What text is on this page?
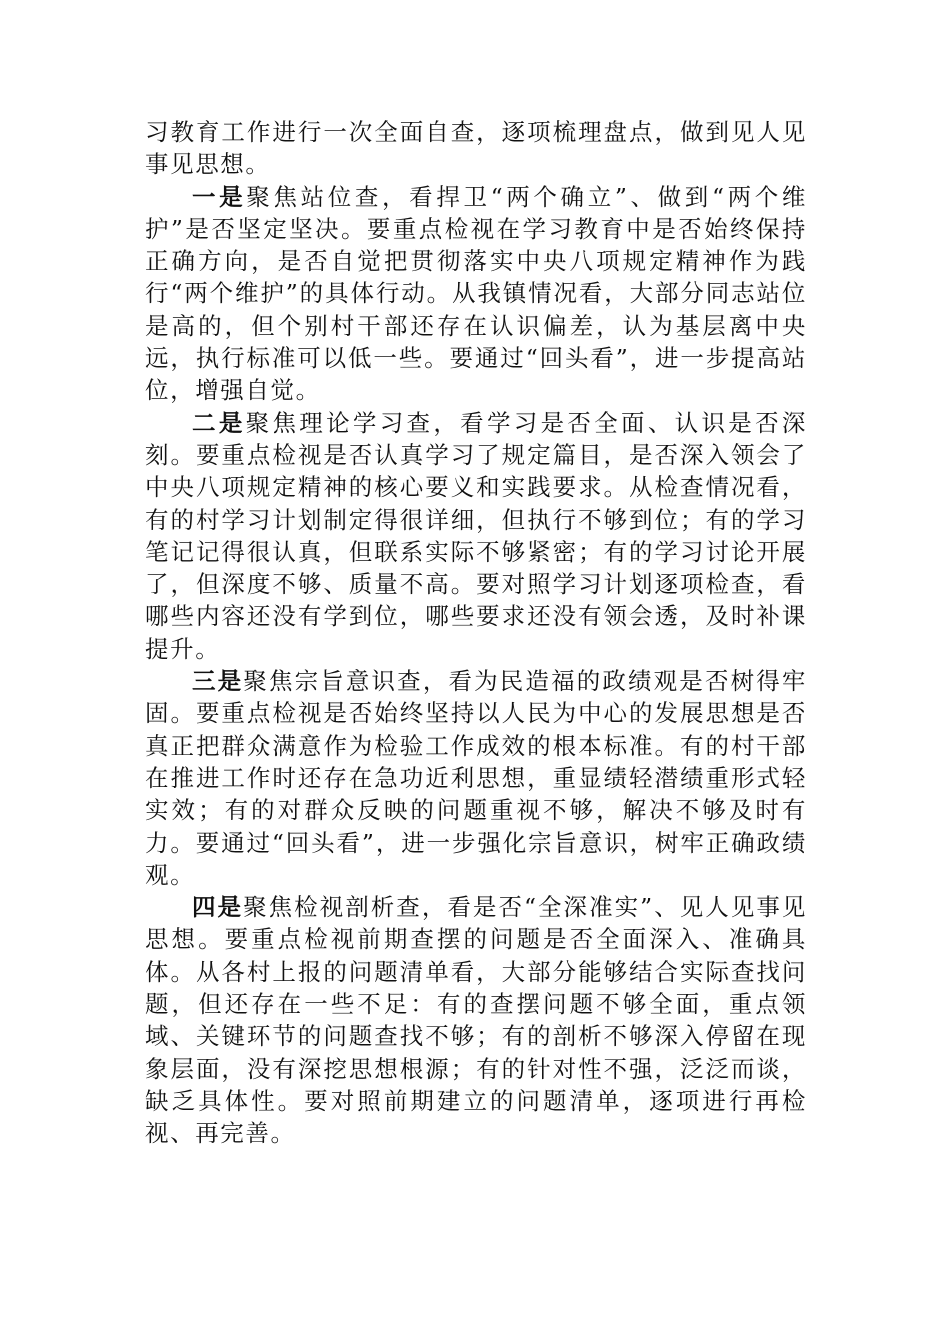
习教育工作进行一次全面自查，逐项梳理盘点，做到见人见事见思想。

一是聚焦站位查，看捍卫“两个确立”、做到“两个维护”是否坚定坚决。要重点检视在学习教育中是否始终保持正确方向，是否自觉把贯彻落实中央八项规定精神作为践行“两个维护”的具体行动。从我镇情况看，大部分同志站位是高的，但个别村干部还存在认识偏差，认为基层离中央远，执行标准可以低一些。要通过“回头看”，进一步提高站位，增强自觉。

二是聚焦理论学习查，看学习是否全面、认识是否深刻。要重点检视是否认真学习了规定篇目，是否深入领会了中央八项规定精神的核心要义和实践要求。从检查情况看，有的村学习计划制定得很详细，但执行不够到位；有的学习笔记记得很认真，但联系实际不够紧密；有的学习讨论开展了，但深度不够、质量不高。要对照学习计划逐项检查，看哪些内容还没有学到位，哪些要求还没有领会透，及时补课提升。

三是聚焦宗旨意识查，看为民造福的政绩观是否树得牢固。要重点检视是否始终坚持以人民为中心的发展思想是否真正把群众满意作为检验工作成效的根本标准。有的村干部在推进工作时还存在急功近利思想，重显绩轻潜绩重形式轻实效；有的对群众反映的问题重视不够，解决不够及时有力。要通过“回头看”，进一步强化宗旨意识，树牢正确政绩观。

四是聚焦检视剖析查，看是否“全深准实”、见人见事见思想。要重点检视前期查摆的问题是否全面深入、准确具体。从各村上报的问题清单看，大部分能够结合实际查找问题，但还存在一些不足：有的查摆问题不够全面，重点领域、关键环节的问题查找不够；有的剖析不够深入停留在现象层面，没有深挖思想根源；有的针对性不强，泛泛而谈，缺乏具体性。要对照前期建立的问题清单，逐项进行再检视、再完善。
